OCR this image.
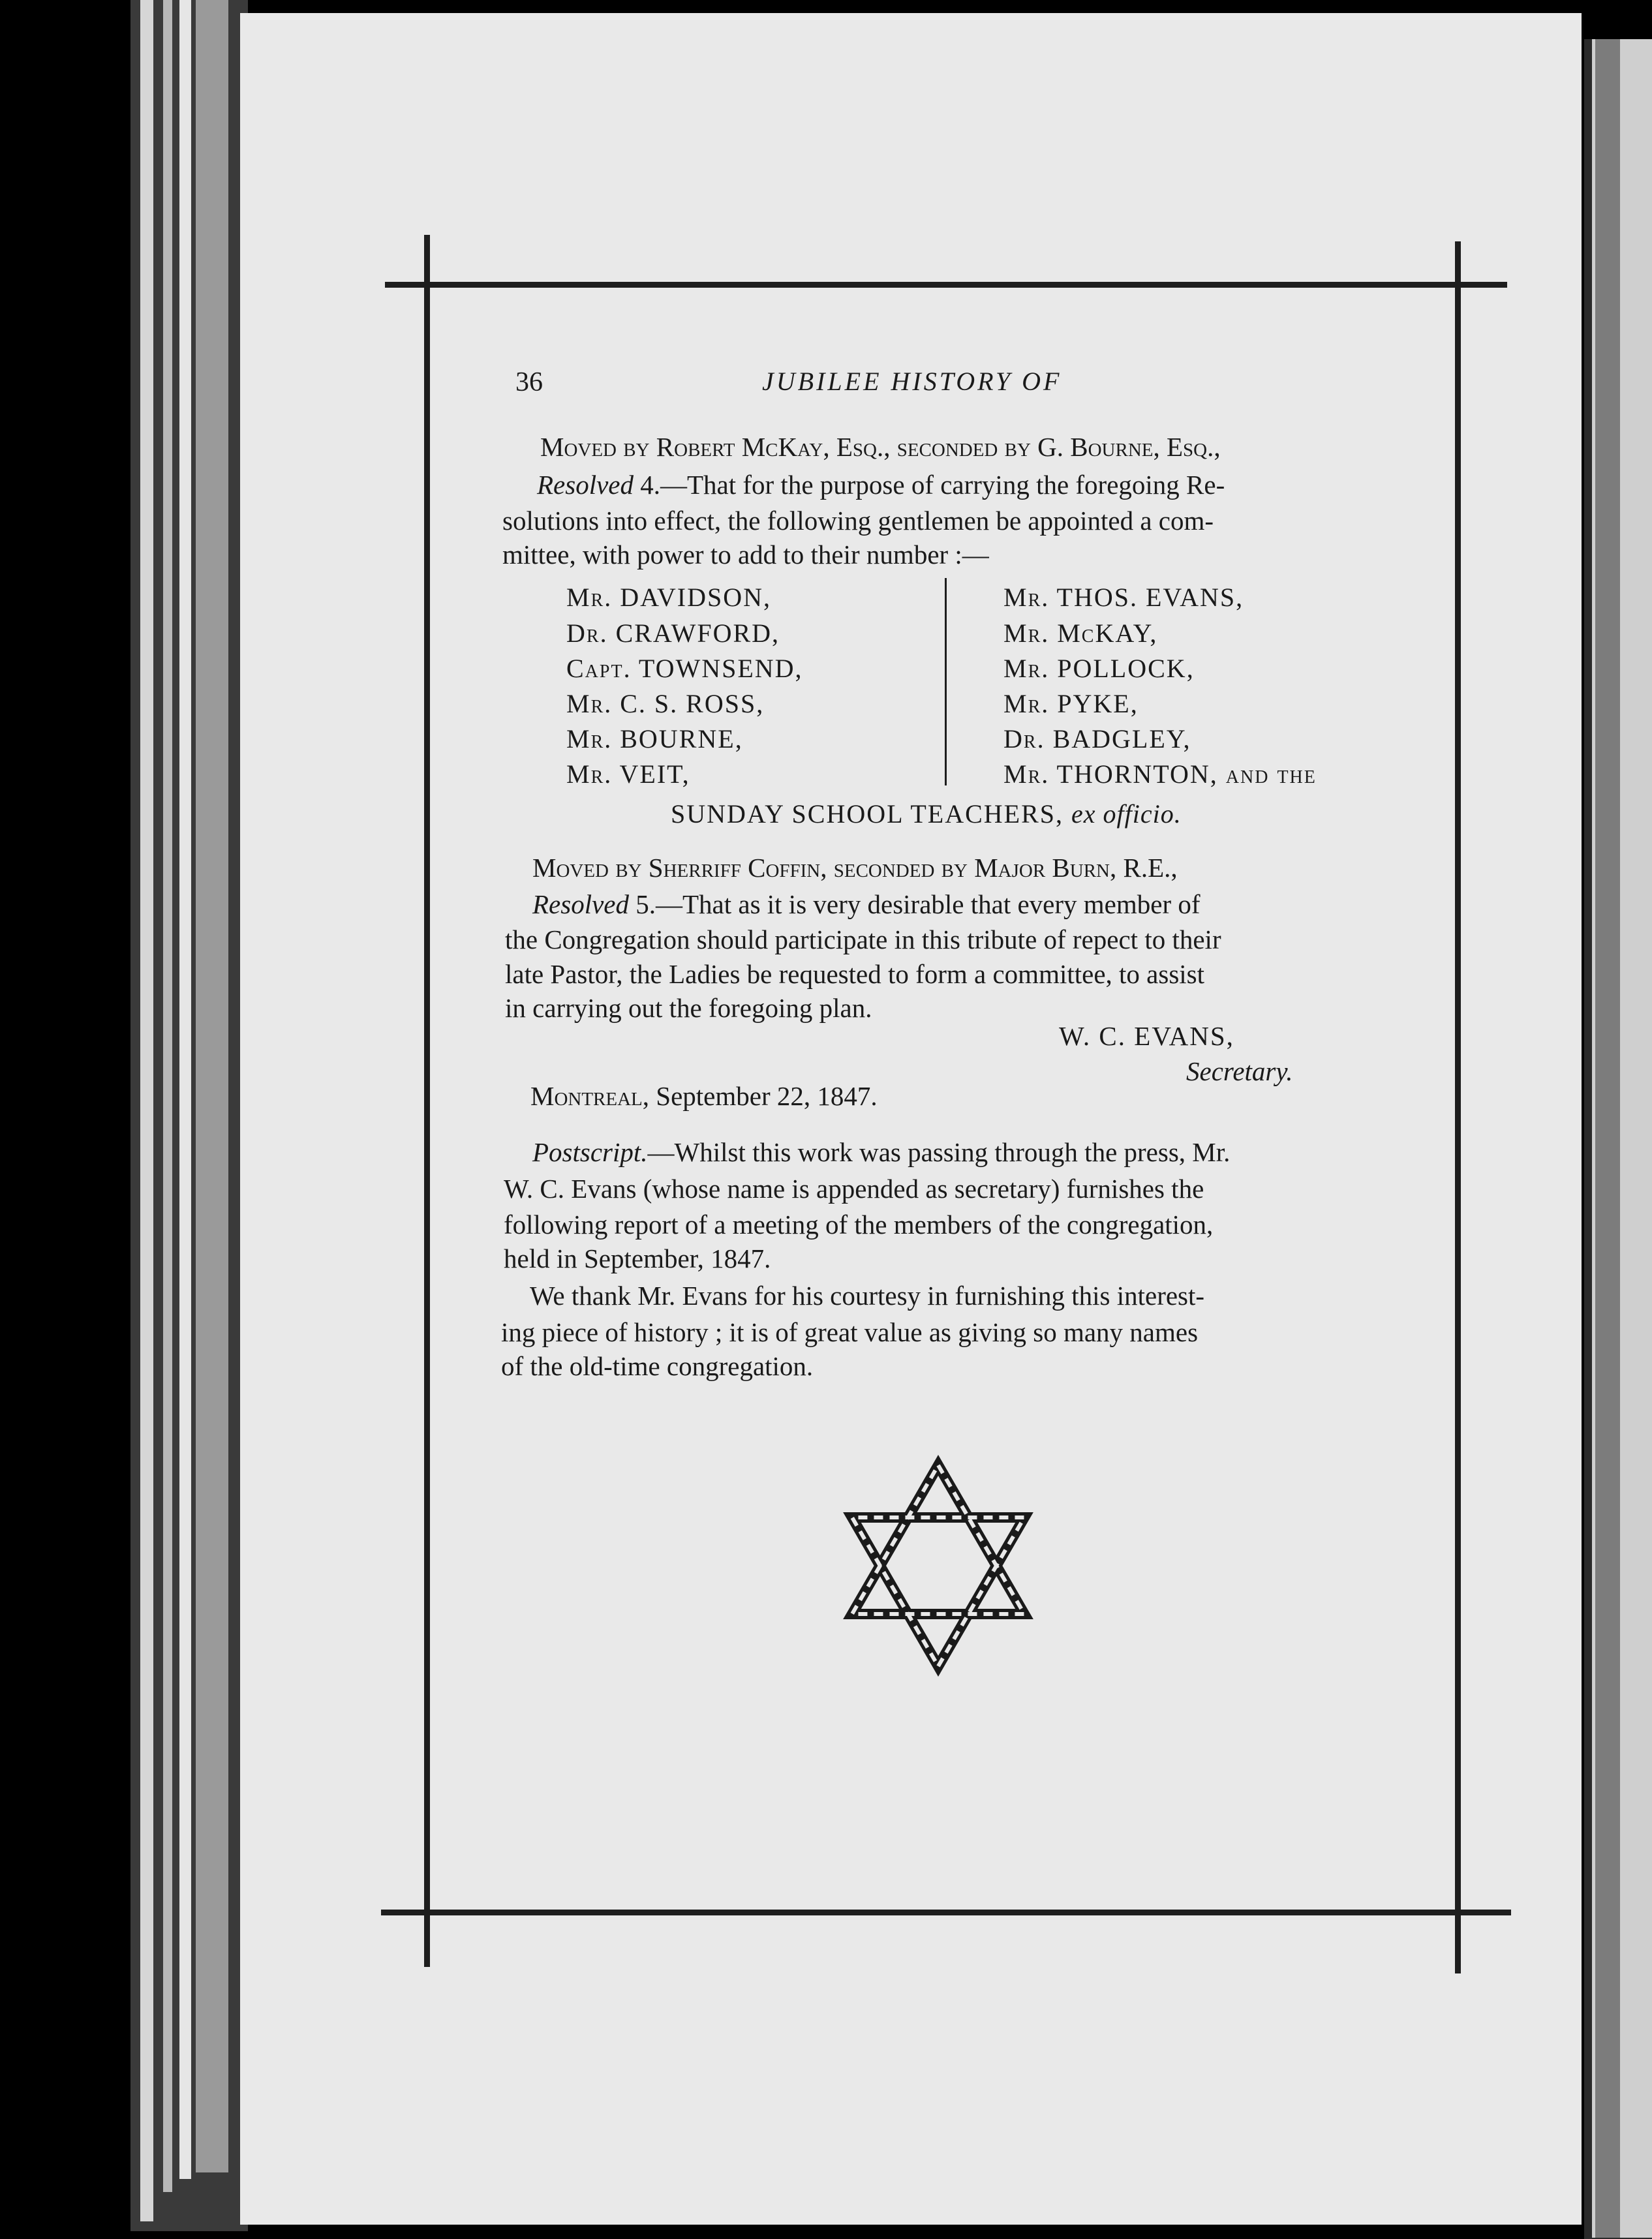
36	JUBILEE HISTORY OF
Moved by Robert McKay, Esq., seconded by G. Bourne, Esq.,
Resolved 4.—That for the purpose of carrying the foregoing Re-
solutions into effect, the following gentlemen be appointed a com-
mittee, with power to add to their number :—
Mr. DAVIDSON,
Dr. CRAWFORD,
Capt. TOWNSEND,
Mr. C. S. ROSS,
Mr. BOURNE,
Mr. VEIT,
Mr. THOS. EVANS,
Mr. McKAY,
Mr. POLLOCK,
Mr. PYKE,
Dr. BADGLEY,
Mr. THORNTON, and the
SUNDAY SCHOOL TEACHERS, ex officio.
Moved by Sherriff Coffin, seconded by Major Burn, R.E.,
Resolved 5.—That as it is very desirable that every member of
the Congregation should participate in this tribute of repect to their
late Pastor, the Ladies be requested to form a committee, to assist
in carrying out the foregoing plan.
W. C. EVANS,
Secretary.
Montreal, September 22, 1847.
Postscript.—Whilst this work was passing through the press, Mr.
W. C. Evans (whose name is appended as secretary) furnishes the
following report of a meeting of the members of the congregation,
held in September, 1847.
We thank Mr. Evans for his courtesy in furnishing this interest-
ing piece of history ; it is of great value as giving so many names
of the old-time congregation.
